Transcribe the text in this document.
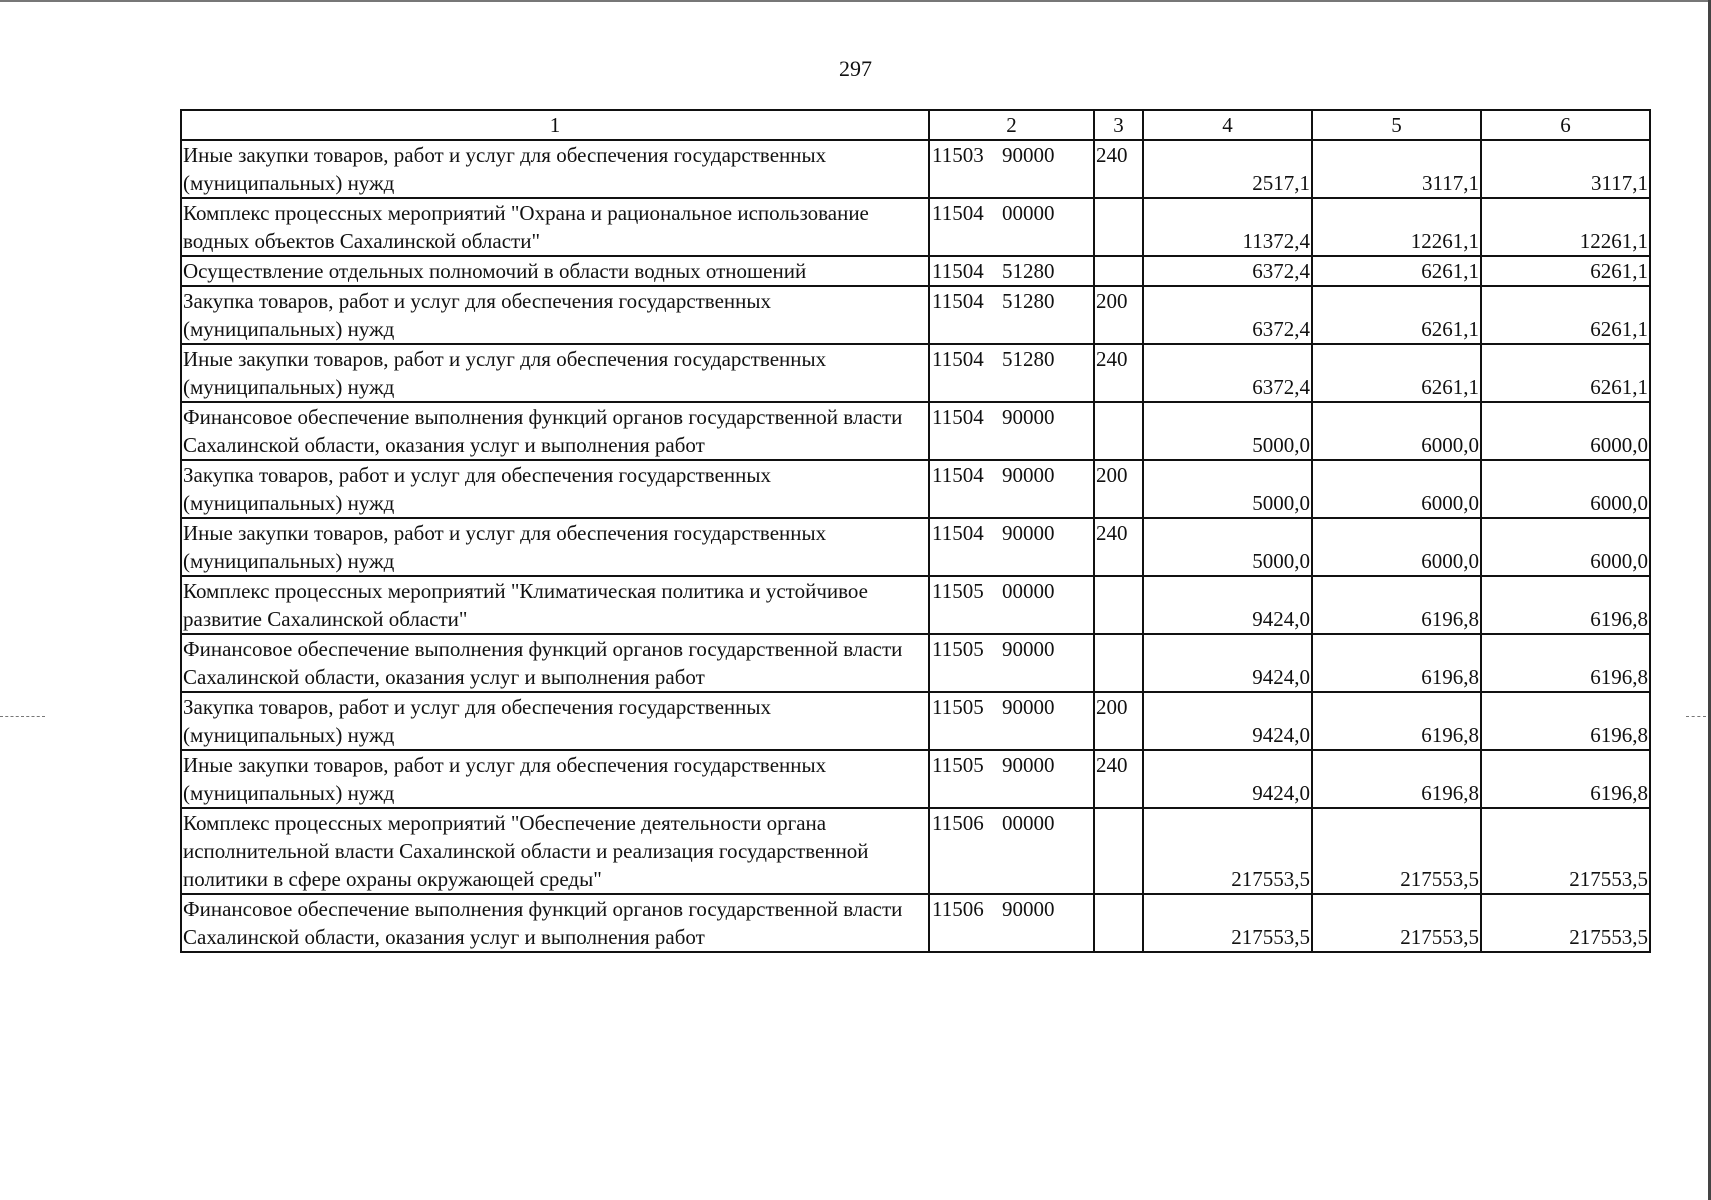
297
1	2	3	4	5	6
Иные закупки товаров, работ и услуг для обеспечения государственных (муниципальных) нужд	11503 90000	240	2517,1	3117,1	3117,1
Комплекс процессных мероприятий "Охрана и рациональное использование водных объектов Сахалинской области"	11504 00000		11372,4	12261,1	12261,1
Осуществление отдельных полномочий в области водных отношений	11504 51280		6372,4	6261,1	6261,1
Закупка товаров, работ и услуг для обеспечения государственных (муниципальных) нужд	11504 51280	200	6372,4	6261,1	6261,1
Иные закупки товаров, работ и услуг для обеспечения государственных (муниципальных) нужд	11504 51280	240	6372,4	6261,1	6261,1
Финансовое обеспечение выполнения функций органов государственной власти Сахалинской области, оказания услуг и выполнения работ	11504 90000		5000,0	6000,0	6000,0
Закупка товаров, работ и услуг для обеспечения государственных (муниципальных) нужд	11504 90000	200	5000,0	6000,0	6000,0
Иные закупки товаров, работ и услуг для обеспечения государственных (муниципальных) нужд	11504 90000	240	5000,0	6000,0	6000,0
Комплекс процессных мероприятий "Климатическая политика и устойчивое развитие Сахалинской области"	11505 00000		9424,0	6196,8	6196,8
Финансовое обеспечение выполнения функций органов государственной власти Сахалинской области, оказания услуг и выполнения работ	11505 90000		9424,0	6196,8	6196,8
Закупка товаров, работ и услуг для обеспечения государственных (муниципальных) нужд	11505 90000	200	9424,0	6196,8	6196,8
Иные закупки товаров, работ и услуг для обеспечения государственных (муниципальных) нужд	11505 90000	240	9424,0	6196,8	6196,8
Комплекс процессных мероприятий "Обеспечение деятельности органа исполнительной власти Сахалинской области и реализация государственной политики в сфере охраны окружающей среды"	11506 00000		217553,5	217553,5	217553,5
Финансовое обеспечение выполнения функций органов государственной власти Сахалинской области, оказания услуг и выполнения работ	11506 90000		217553,5	217553,5	217553,5
